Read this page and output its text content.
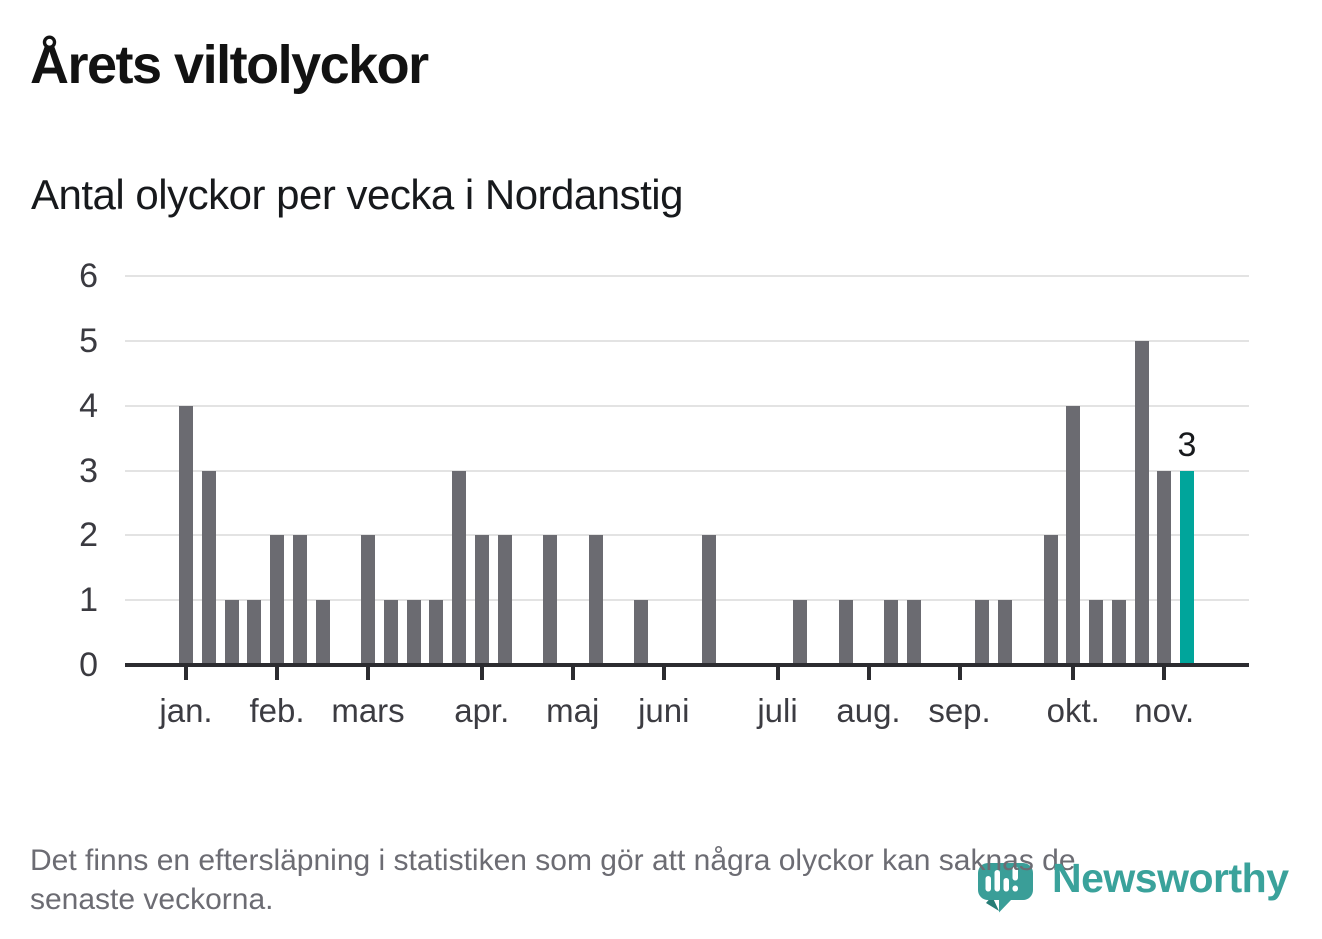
Årets viltolyckor
Antal olyckor per vecka i Nordanstig
0
1
2
3
4
5
6
jan.	feb. mars	apr.	maj	juni	juli	aug. sep.	okt.	nov.
3
Det finns en eftersläpning i statistiken som gör att några olyckor kan saknas de
senaste veckorna.	Newsworthy
